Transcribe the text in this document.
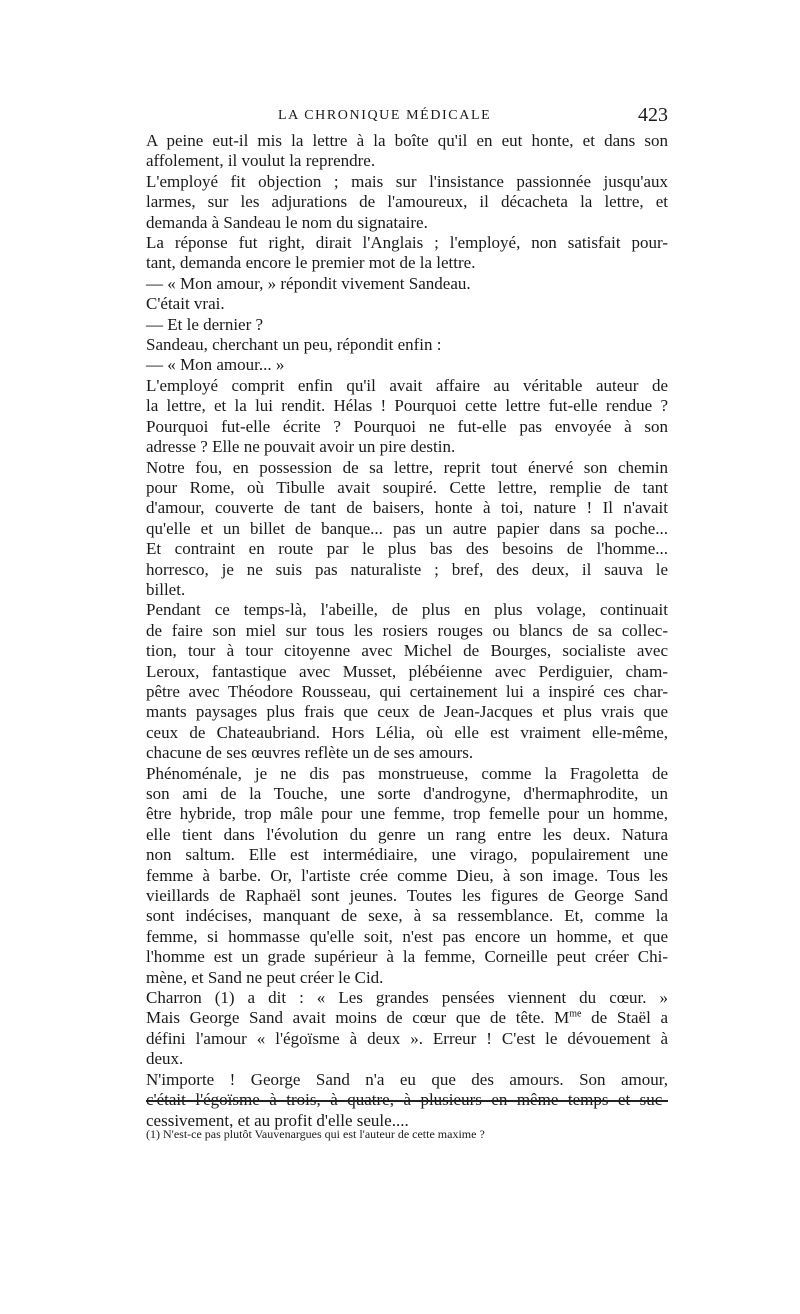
LA CHRONIQUE MÉDICALE	423
A peine eut-il mis la lettre à la boîte qu'il en eut honte, et dans son
affolement, il voulut la reprendre.
L'employé fit objection ; mais sur l'insistance passionnée jusqu'aux
larmes, sur les adjurations de l'amoureux, il décacheta la lettre, et
demanda à Sandeau le nom du signataire.
La réponse fut right, dirait l'Anglais ; l'employé, non satisfait pour-
tant, demanda encore le premier mot de la lettre.
— « Mon amour, » répondit vivement Sandeau.
C'était vrai.
— Et le dernier ?
Sandeau, cherchant un peu, répondit enfin :
— « Mon amour... »
L'employé comprit enfin qu'il avait affaire au véritable auteur de
la lettre, et la lui rendit. Hélas ! Pourquoi cette lettre fut-elle rendue ?
Pourquoi fut-elle écrite ? Pourquoi ne fut-elle pas envoyée à son
adresse ? Elle ne pouvait avoir un pire destin.
Notre fou, en possession de sa lettre, reprit tout énervé son chemin
pour Rome, où Tibulle avait soupiré. Cette lettre, remplie de tant
d'amour, couverte de tant de baisers, honte à toi, nature ! Il n'avait
qu'elle et un billet de banque... pas un autre papier dans sa poche...
Et contraint en route par le plus bas des besoins de l'homme...
horresco, je ne suis pas naturaliste ; bref, des deux, il sauva le
billet.
Pendant ce temps-là, l'abeille, de plus en plus volage, continuait
de faire son miel sur tous les rosiers rouges ou blancs de sa collec-
tion, tour à tour citoyenne avec Michel de Bourges, socialiste avec
Leroux, fantastique avec Musset, plébéienne avec Perdiguier, cham-
pêtre avec Théodore Rousseau, qui certainement lui a inspiré ces char-
mants paysages plus frais que ceux de Jean-Jacques et plus vrais que
ceux de Chateaubriand. Hors Lélia, où elle est vraiment elle-même,
chacune de ses œuvres reflète un de ses amours.
Phénoménale, je ne dis pas monstrueuse, comme la Fragoletta de
son ami de la Touche, une sorte d'androgyne, d'hermaphrodite, un
être hybride, trop mâle pour une femme, trop femelle pour un homme,
elle tient dans l'évolution du genre un rang entre les deux. Natura
non saltum. Elle est intermédiaire, une virago, populairement une
femme à barbe. Or, l'artiste crée comme Dieu, à son image. Tous les
vieillards de Raphaël sont jeunes. Toutes les figures de George Sand
sont indécises, manquant de sexe, à sa ressemblance. Et, comme la
femme, si hommasse qu'elle soit, n'est pas encore un homme, et que
l'homme est un grade supérieur à la femme, Corneille peut créer Chi-
mène, et Sand ne peut créer le Cid.
Charron (1) a dit : « Les grandes pensées viennent du cœur. »
Mais George Sand avait moins de cœur que de tête. $M^{me}$ de Staël a
défini l'amour « l'égoïsme à deux ». Erreur ! C'est le dévouement à
deux.
N'importe ! George Sand n'a eu que des amours. Son amour,
c'était l'égoïsme à trois, à quatre, à plusieurs en même temps et suc-
cessivement, et au profit d'elle seule....
(1) N'est-ce pas plutôt Vauvenargues qui est l'auteur de cette maxime ?
